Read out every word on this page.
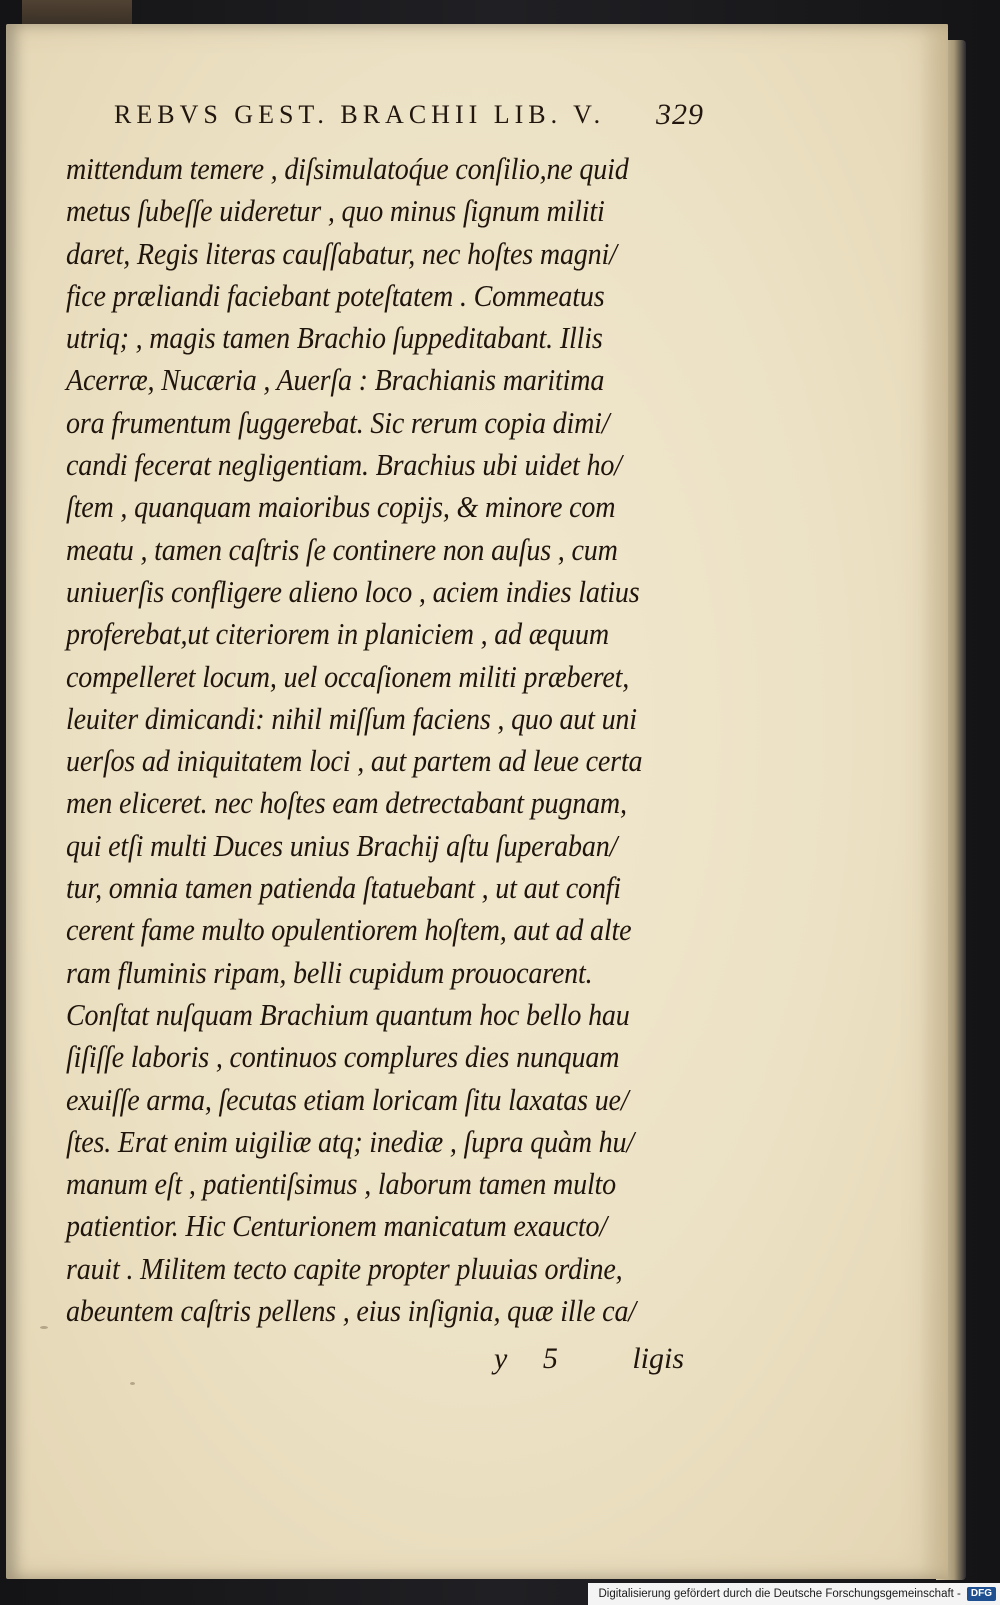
REBVS GEST. BRACHII LIB. V. 329
mittendum temere , diſsimulatoq́ue conſilio,ne quid
metus ſubeſſe uideretur , quo minus ſignum militi
daret, Regis literas cauſſabatur, nec hoſtes magni/
fice præliandi faciebant poteſtatem . Commeatus
utriq; , magis tamen Brachio ſuppeditabant. Illis
Acerræ, Nucæria , Auerſa : Brachianis maritima
ora frumentum ſuggerebat. Sic rerum copia dimi/
candi fecerat negligentiam. Brachius ubi uidet ho/
ſtem , quanquam maioribus copijs, & minore com
meatu , tamen caſtris ſe continere non auſus , cum
uniuerſis confligere alieno loco , aciem indies latius
proferebat,ut citeriorem in planiciem , ad æquum
compelleret locum, uel occaſionem militi præberet,
leuiter dimicandi: nihil miſſum faciens , quo aut uni
uerſos ad iniquitatem loci , aut partem ad leue certa
men eliceret. nec hoſtes eam detrectabant pugnam,
qui etſi multi Duces unius Brachij aſtu ſuperaban/
tur, omnia tamen patienda ſtatuebant , ut aut confi
cerent fame multo opulentiorem hoſtem, aut ad alte
ram fluminis ripam, belli cupidum prouocarent.
Conſtat nuſquam Brachium quantum hoc bello hau
ſiſiſſe laboris , continuos complures dies nunquam
exuiſſe arma, ſecutas etiam loricam ſitu laxatas ue/
ſtes. Erat enim uigiliæ atq; inediæ , ſupra quàm hu/
manum eſt , patientiſsimus , laborum tamen multo
patientior. Hic Centurionem manicatum exaucto/
rauit . Militem tecto capite propter pluuias ordine,
abeuntem caſtris pellens , eius inſignia, quæ ille ca/
y 5 ligis
Digitalisierung gefördert durch die Deutsche Forschungsgemeinschaft -	DFG
